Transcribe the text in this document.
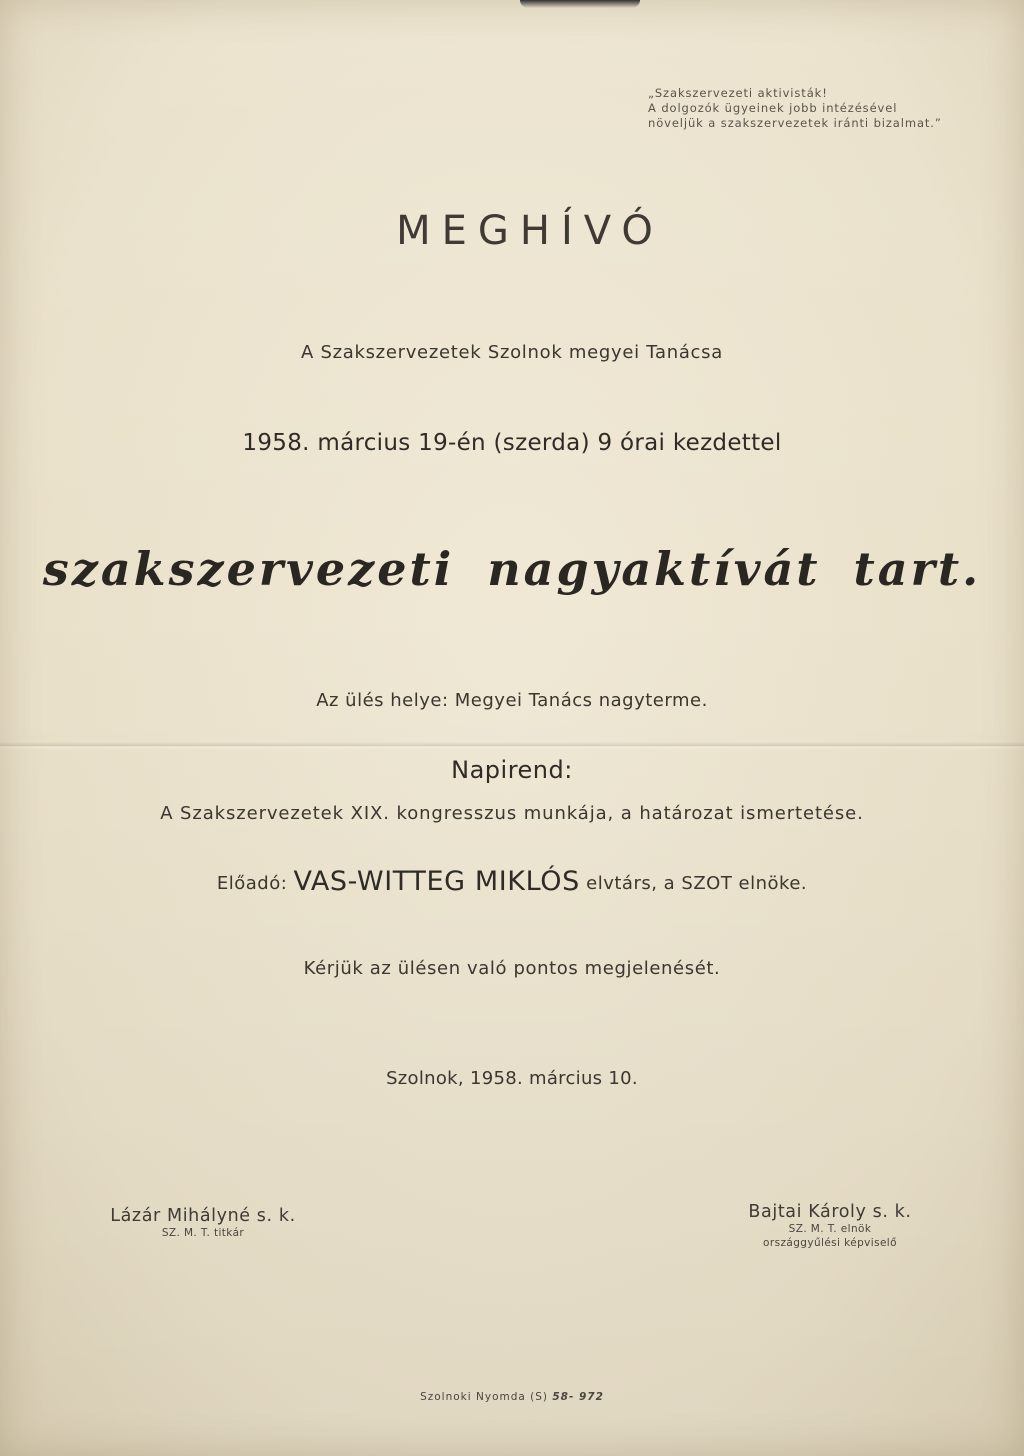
„Szakszervezeti aktivisták!
A dolgozók ügyeinek jobb intézésével
növeljük a szakszervezetek iránti bizalmat.”
MEGHÍVÓ
A Szakszervezetek Szolnok megyei Tanácsa
1958. március 19-én (szerda) 9 órai kezdettel
szakszervezeti nagyaktívát tart.
Az ülés helye: Megyei Tanács nagyterme.
Napirend:
A Szakszervezetek XIX. kongresszus munkája, a határozat ismertetése.
Előadó: VAS-WITTEG MIKLÓS elvtárs, a SZOT elnöke.
Kérjük az ülésen való pontos megjelenését.
Szolnok, 1958. március 10.
Lázár Mihályné s. k.
SZ. M. T. titkár
Bajtai Károly s. k.
SZ. M. T. elnök
országgyűlési képviselő
Szolnoki Nyomda (S) 58- 972
